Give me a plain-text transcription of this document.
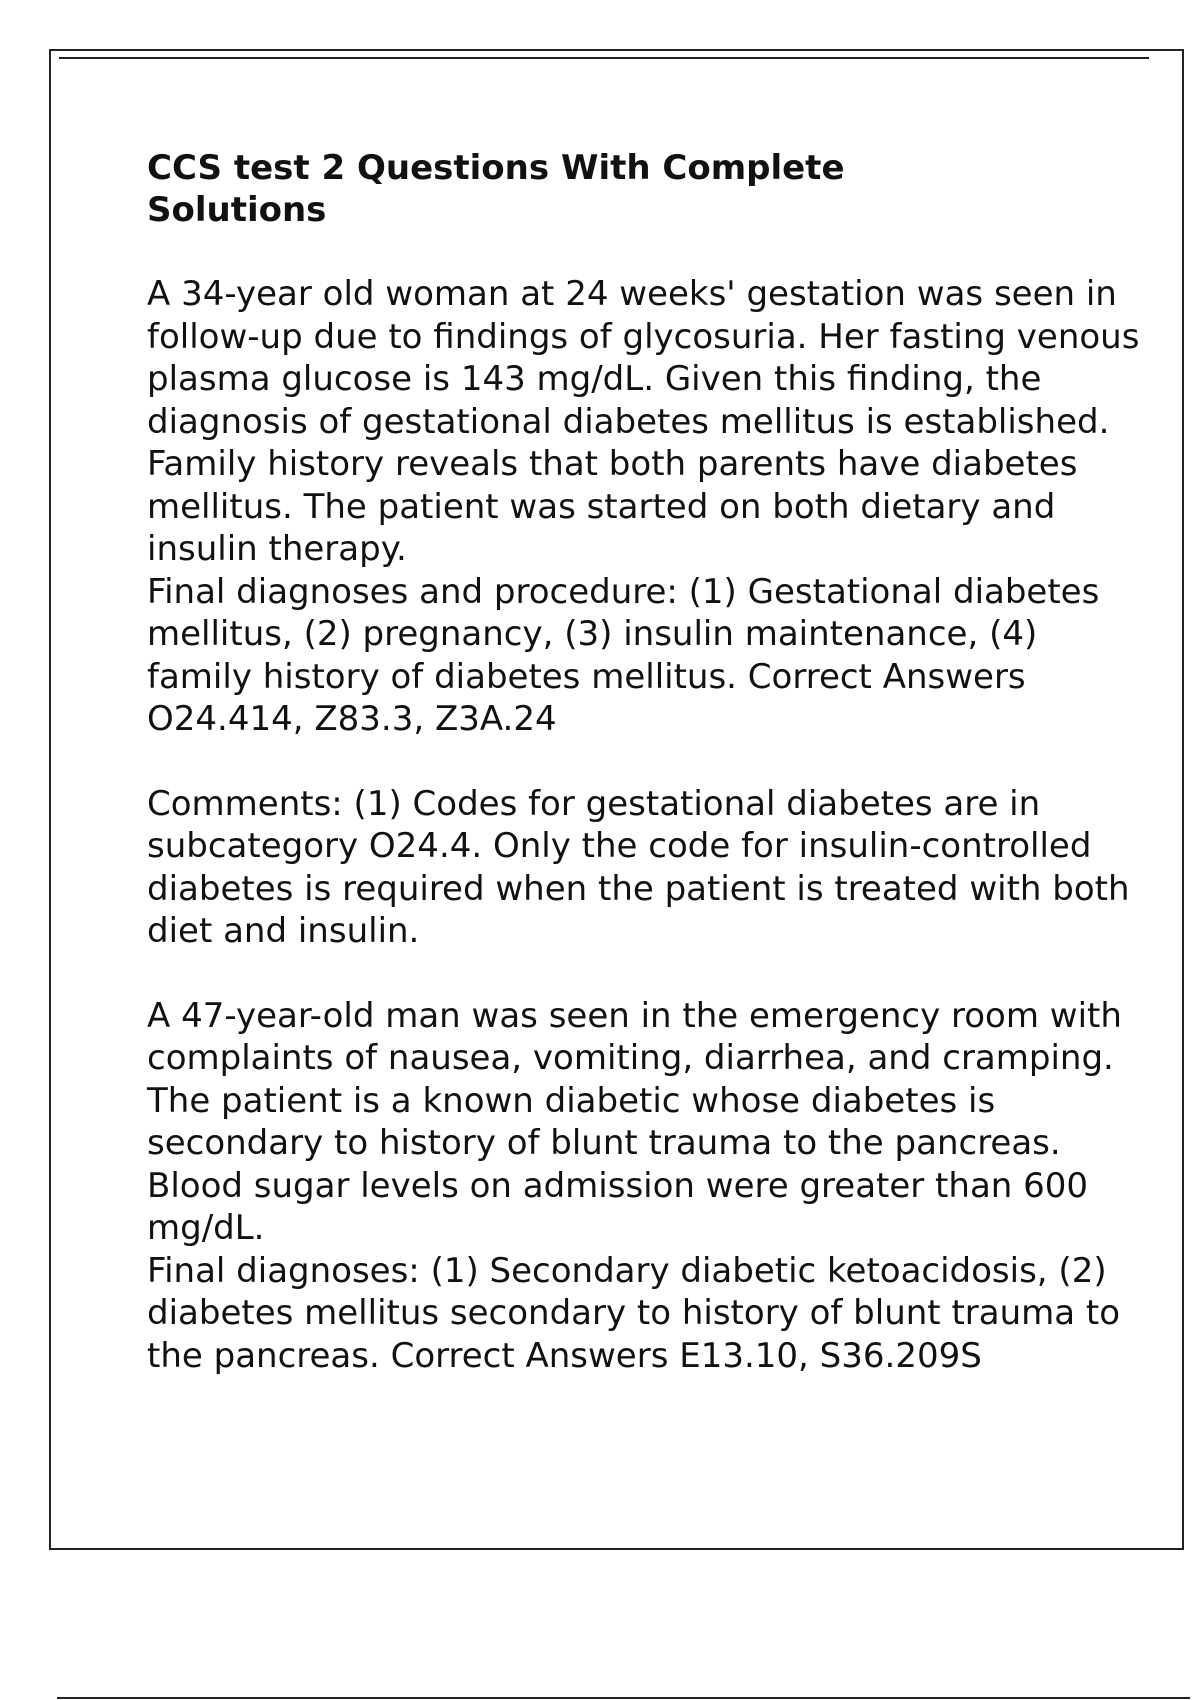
CCS test 2 Questions With Complete Solutions

A 34-year old woman at 24 weeks' gestation was seen in follow-up due to findings of glycosuria. Her fasting venous plasma glucose is 143 mg/dL. Given this finding, the diagnosis of gestational diabetes mellitus is established. Family history reveals that both parents have diabetes mellitus. The patient was started on both dietary and insulin therapy.

Final diagnoses and procedure: (1) Gestational diabetes mellitus, (2) pregnancy, (3) insulin maintenance, (4) family history of diabetes mellitus. Correct Answers O24.414, Z83.3, Z3A.24

Comments: (1) Codes for gestational diabetes are in subcategory O24.4. Only the code for insulin-controlled diabetes is required when the patient is treated with both diet and insulin.

A 47-year-old man was seen in the emergency room with complaints of nausea, vomiting, diarrhea, and cramping. The patient is a known diabetic whose diabetes is secondary to history of blunt trauma to the pancreas. Blood sugar levels on admission were greater than 600 mg/dL.

Final diagnoses: (1) Secondary diabetic ketoacidosis, (2) diabetes mellitus secondary to history of blunt trauma to the pancreas. Correct Answers E13.10, S36.209S
